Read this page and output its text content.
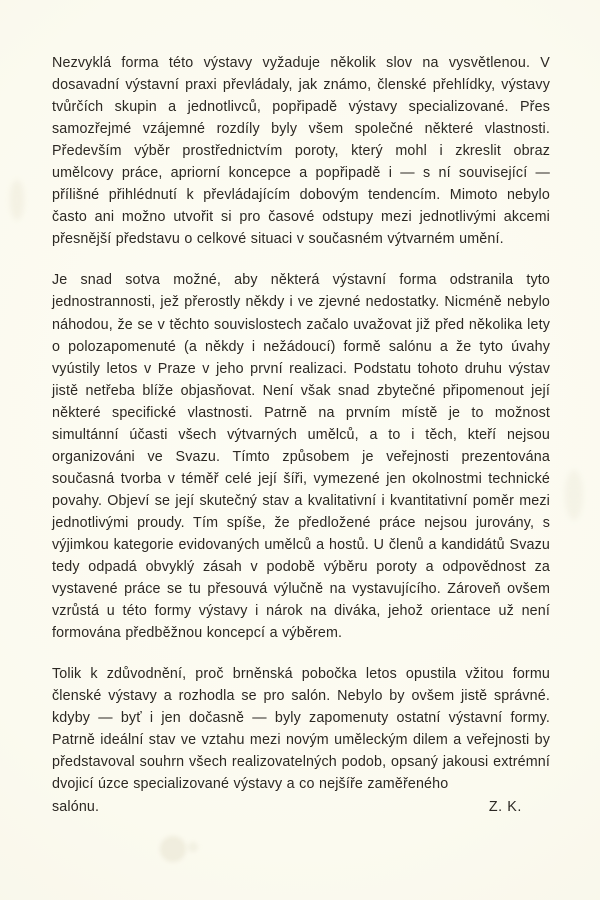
Nezvyklá forma této výstavy vyžaduje několik slov na vysvětlenou. V dosavadní výstavní praxi převládaly, jak známo, členské přehlídky, výstavy tvůrčích skupin a jednotlivců, popřipadě výstavy specializované. Přes samozřejmé vzájemné rozdíly byly všem společné některé vlastnosti. Především výběr prostřednictvím poroty, který mohl i zkreslit obraz umělcovy práce, apriorní koncepce a popřipadě i — s ní související — přílišné přihlédnutí k převládajícím dobovým tendencím. Mimoto nebylo často ani možno utvořit si pro časové odstupy mezi jednotlivými akcemi přesnější představu o celkové situaci v současném výtvarném umění.

Je snad sotva možné, aby některá výstavní forma odstranila tyto jednostrannosti, jež přerostly někdy i ve zjevné nedostatky. Nicméně nebylo náhodou, že se v těchto souvislostech začalo uvažovat již před několika lety o polozapomenuté (a někdy i nežádoucí) formě salónu a že tyto úvahy vyústily letos v Praze v jeho první realizaci. Podstatu tohoto druhu výstav jistě netřeba blíže objasňovat. Není však snad zbytečné připomenout její některé specifické vlastnosti. Patrně na prvním místě je to možnost simultánní účasti všech výtvarných umělců, a to i těch, kteří nejsou organizováni ve Svazu. Tímto způsobem je veřejnosti prezentována současná tvorba v téměř celé její šíři, vymezené jen okolnostmi technické povahy. Objeví se její skutečný stav a kvalitativní i kvantitativní poměr mezi jednotlivými proudy. Tím spíše, že předložené práce nejsou jurovány, s výjimkou kategorie evidovaných umělců a hostů. U členů a kandidátů Svazu tedy odpadá obvyklý zásah v podobě výběru poroty a odpovědnost za vystavené práce se tu přesouvá výlučně na vystavujícího. Zároveň ovšem vzrůstá u této formy výstavy i nárok na diváka, jehož orientace už není formována předběžnou koncepcí a výběrem.

Tolik k zdůvodnění, proč brněnská pobočka letos opustila vžitou formu členské výstavy a rozhodla se pro salón. Nebylo by ovšem jistě správné. kdyby — byť i jen dočasně — byly zapomenuty ostatní výstavní formy. Patrně ideální stav ve vztahu mezi novým uměleckým dilem a veřejnosti by představoval souhrn všech realizovatelných podob, opsaný jakousi extrémní dvojicí úzce specializované výstavy a co nejšíře zaměřeného

salónu.	Z. K.
